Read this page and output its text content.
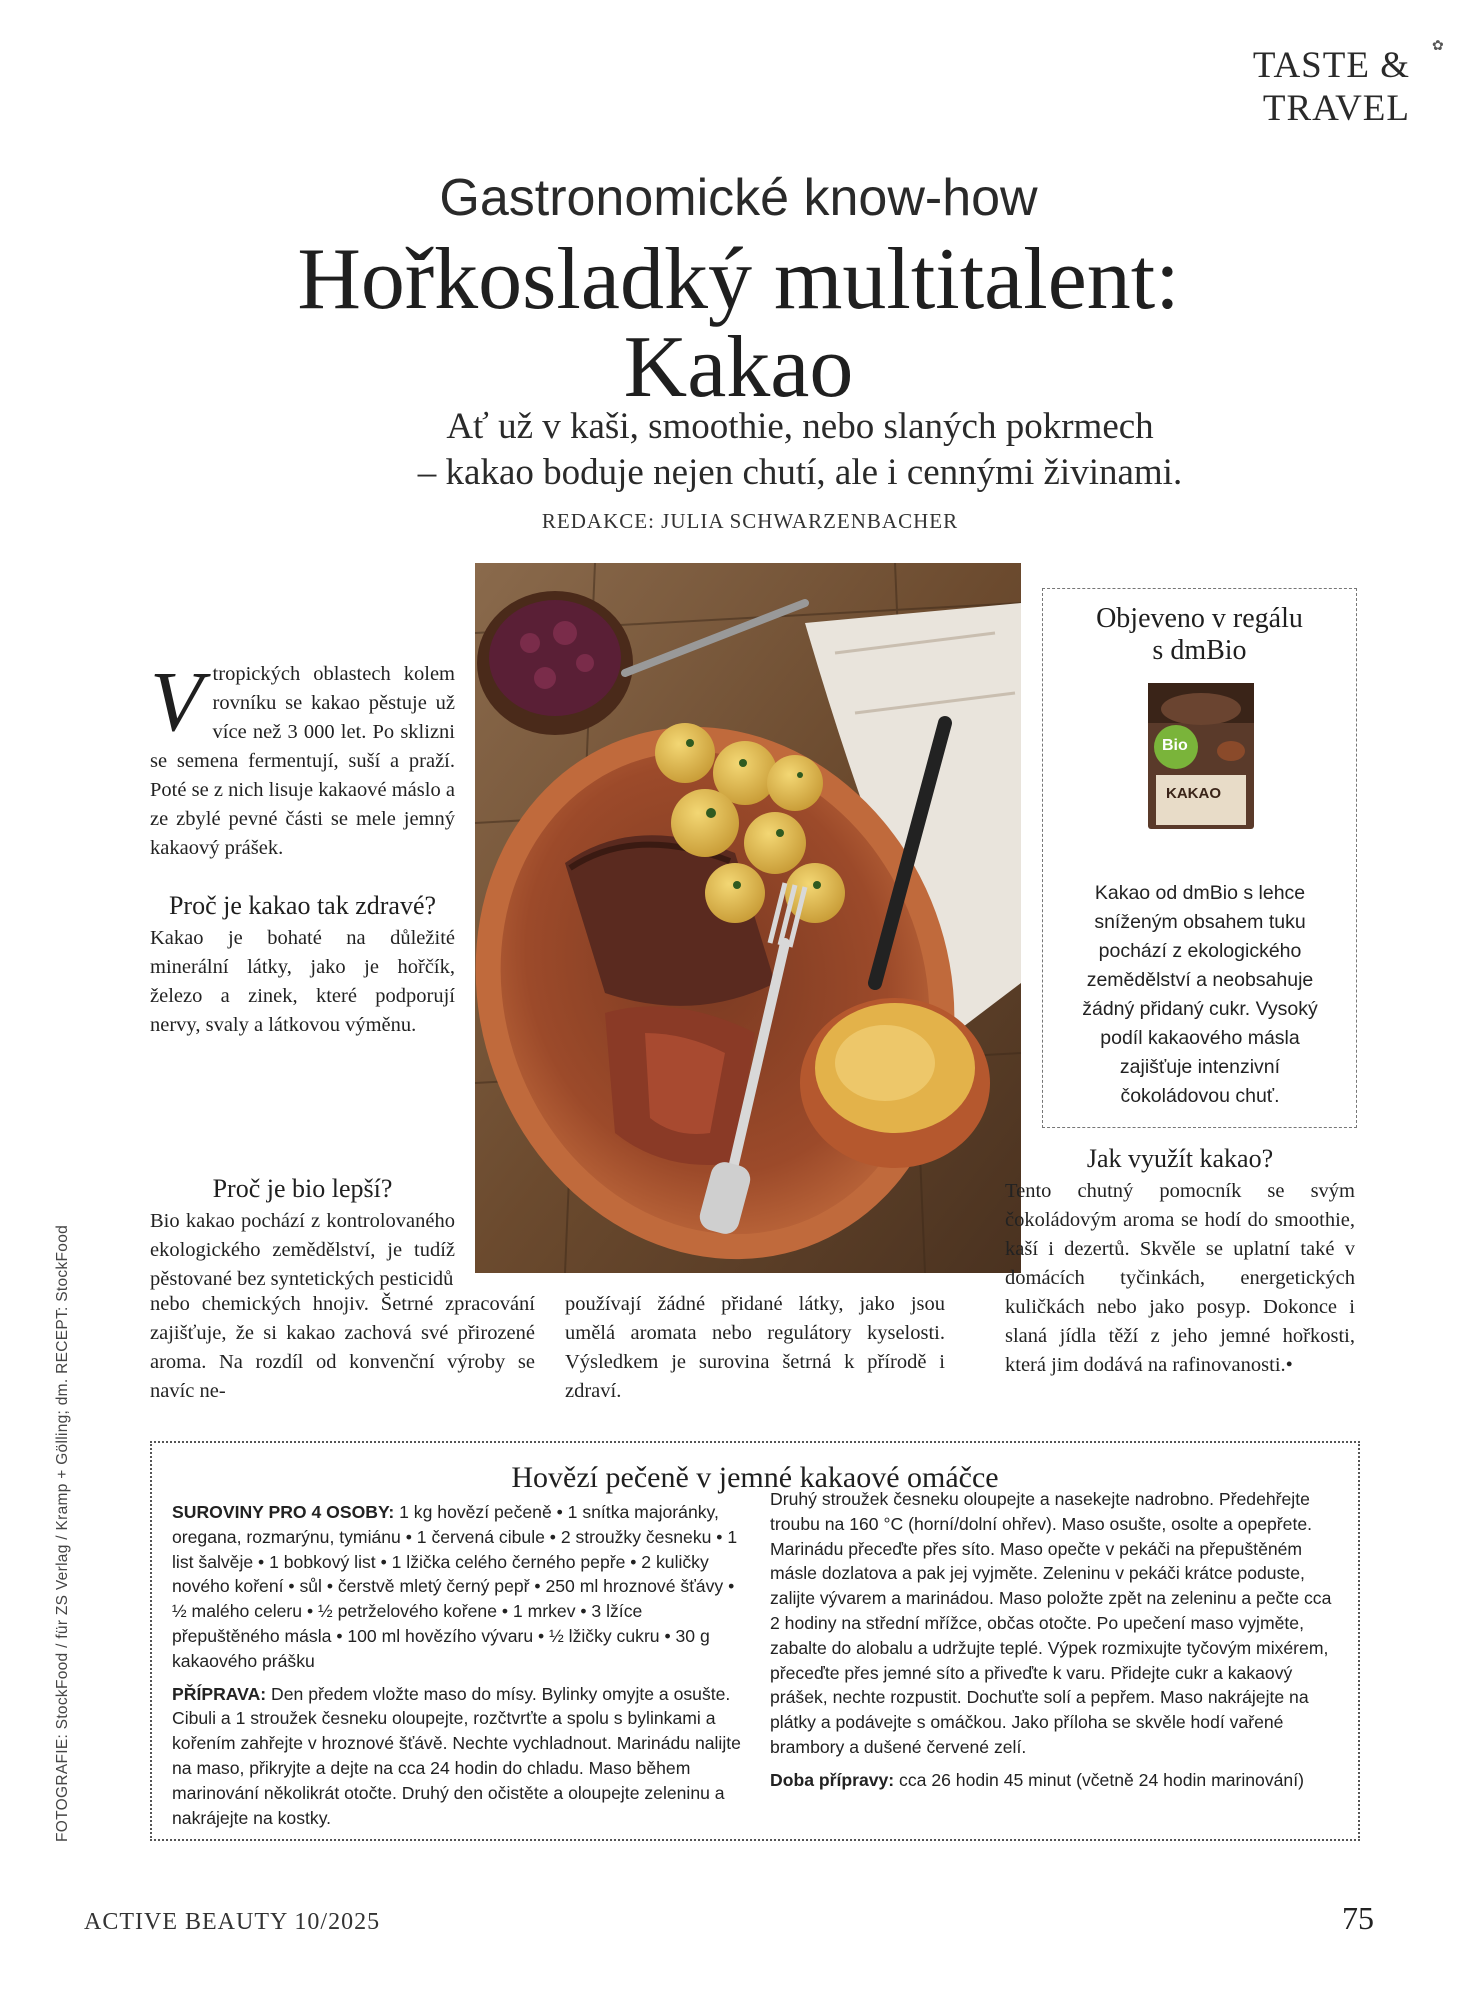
TASTE & TRAVEL
✿
Gastronomické know-how
Hořkosladký multitalent:
Kakao
Ať už v kaši, smoothie, nebo slaných pokrmech
– kakao boduje nejen chutí, ale i cennými živinami.
REDAKCE: JULIA SCHWARZENBACHER
V tropických oblastech kolem rovníku se kakao pěstuje už více než 3 000 let. Po sklizni se semena fermentují, suší a praží. Poté se z nich lisuje kakaové máslo a ze zbylé pevné části se mele jemný kakaový prášek.

Proč je kakao tak zdravé?

Kakao je bohaté na důležité minerální látky, jako je hořčík, železo a zinek, které podporují nervy, svaly a látkovou výměnu.

Proč je bio lepší?

Bio kakao pochází z kontrolovaného ekologického zemědělství, je tudíž pěstované bez syntetických pesticidů

nebo chemických hnojiv. Šetrné zpracování zajišťuje, že si kakao zachová své přirozené aroma. Na rozdíl od konvenční výroby se navíc ne-

používají žádné přidané látky, jako jsou umělá aromata nebo regulátory kyselosti. Výsledkem je surovina šetrná k přírodě i zdraví.

Objeveno v regálu
s dmBio
Bio
KAKAO
Kakao od dmBio s lehce sníženým obsahem tuku pochází z ekologického zemědělství a neobsahuje žádný přidaný cukr. Vysoký podíl kakaového másla zajišťuje intenzivní čokoládovou chuť.
Jak využít kakao?

Tento chutný pomocník se svým čokoládovým aroma se hodí do smoothie, kaší i dezertů. Skvěle se uplatní také v domácích tyčinkách, energetických kuličkách nebo jako posyp. Dokonce i slaná jídla těží z jeho jemné hořkosti, která jim dodává na rafinovanosti.•

Hovězí pečeně v jemné kakaové omáčce

SUROVINY PRO 4 OSOBY: 1 kg hovězí pečeně • 1 snítka majoránky, oregana, rozmarýnu, tymiánu • 1 červená cibule • 2 stroužky česneku • 1 list šalvěje • 1 bobkový list • 1 lžička celého černého pepře • 2 kuličky nového koření • sůl • čerstvě mletý černý pepř • 250 ml hroznové šťávy • ½ malého celeru • ½ petrželového kořene • 1 mrkev • 3 lžíce přepuštěného másla • 100 ml hovězího vývaru • ½ lžičky cukru • 30 g kakaového prášku

PŘÍPRAVA: Den předem vložte maso do mísy. Bylinky omyjte a osušte. Cibuli a 1 stroužek česneku oloupejte, rozčtvrťte a spolu s bylinkami a kořením zahřejte v hroznové šťávě. Nechte vychladnout. Marinádu nalijte na maso, přikryjte a dejte na cca 24 hodin do chladu. Maso během marinování několikrát otočte. Druhý den očistěte a oloupejte zeleninu a nakrájejte na kostky.

Druhý stroužek česneku oloupejte a nasekejte nadrobno. Předehřejte troubu na 160 °C (horní/dolní ohřev). Maso osušte, osolte a opepřete. Marinádu přeceďte přes síto. Maso opečte v pekáči na přepuštěném másle dozlatova a pak jej vyjměte. Zeleninu v pekáči krátce poduste, zalijte vývarem a marinádou. Maso položte zpět na zeleninu a pečte cca 2 hodiny na střední mřížce, občas otočte. Po upečení maso vyjměte, zabalte do alobalu a udržujte teplé. Výpek rozmixujte tyčovým mixérem, přeceďte přes jemné síto a přiveďte k varu. Přidejte cukr a kakaový prášek, nechte rozpustit. Dochuťte solí a pepřem. Maso nakrájejte na plátky a podávejte s omáčkou. Jako příloha se skvěle hodí vařené brambory a dušené červené zelí.

Doba přípravy: cca 26 hodin 45 minut (včetně 24 hodin marinování)

FOTOGRAFIE: StockFood / für ZS Verlag / Kramp + Gölling; dm. RECEPT: StockFood
ACTIVE BEAUTY 10/2025	75
